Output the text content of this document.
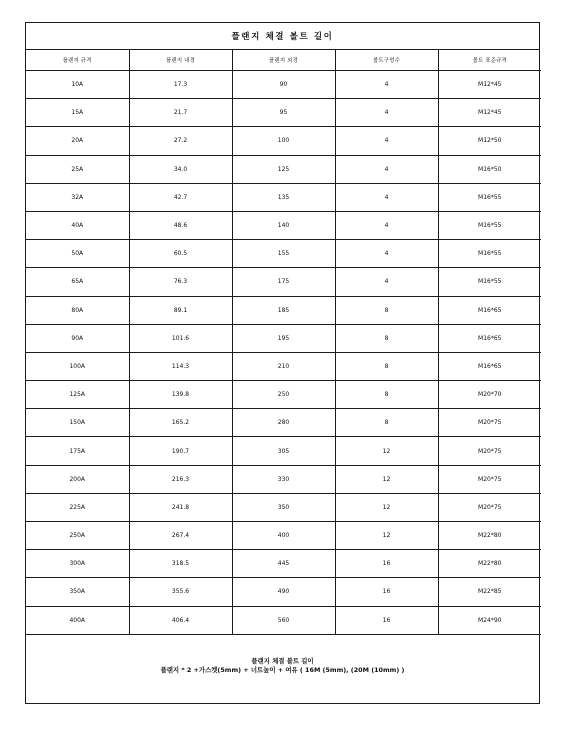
플랜지 체결 볼트 길이
플랜지 규격	플랜지 내경	플랜지 외경	볼트구멍수	볼트 표준규격
10A	17.3	90	4	M12*45
15A	21.7	95	4	M12*45
20A	27.2	100	4	M12*50
25A	34.0	125	4	M16*50
32A	42.7	135	4	M16*55
40A	48.6	140	4	M16*55
50A	60.5	155	4	M16*55
65A	76.3	175	4	M16*55
80A	89.1	185	8	M16*65
90A	101.6	195	8	M16*65
100A	114.3	210	8	M16*65
125A	139.8	250	8	M20*70
150A	165.2	280	8	M20*75
175A	190.7	305	12	M20*75
200A	216.3	330	12	M20*75
225A	241.8	350	12	M20*75
250A	267.4	400	12	M22*80
300A	318.5	445	16	M22*80
350A	355.6	490	16	M22*85
400A	406.4	560	16	M24*90
플랜지 체결 볼트 길이
플랜지 * 2 +가스켓(5mm) + 너트높이 + 여유 ( 16M (5mm), (20M (10mm) )
